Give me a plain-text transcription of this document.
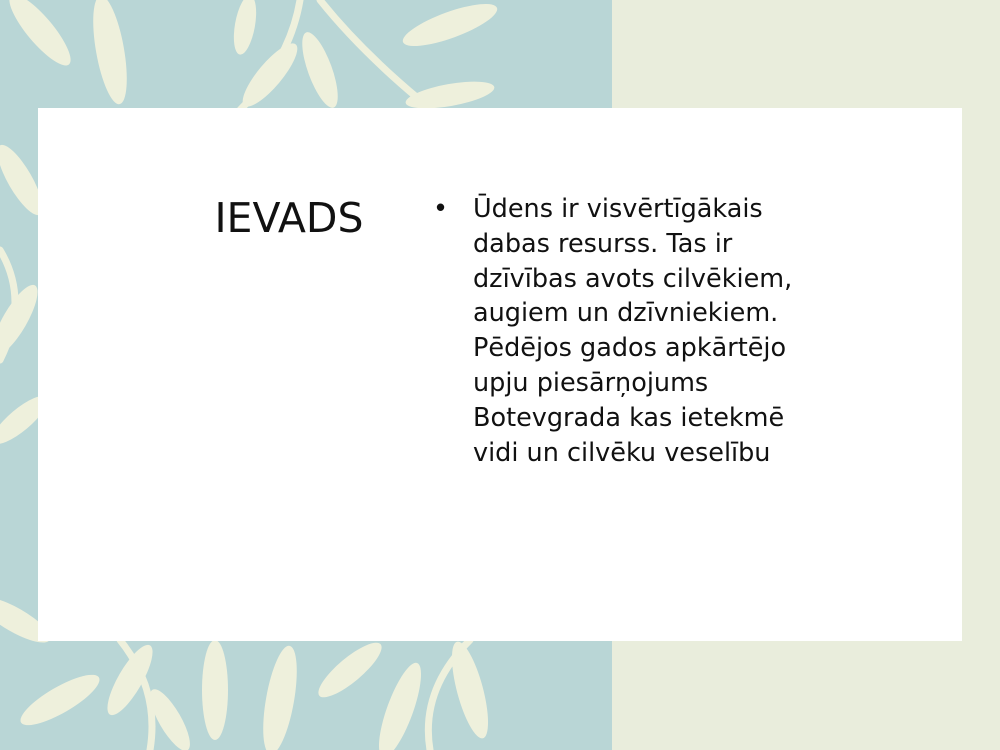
IEVADS	• Ūdens ir visvērtīgākais
dabas resurss. Tas ir
dzīvības avots cilvēkiem,
augiem un dzīvniekiem.
Pēdējos gados apkārtējo
upju piesārņojums
Botevgrada kas ietekmē
vidi un cilvēku veselību
